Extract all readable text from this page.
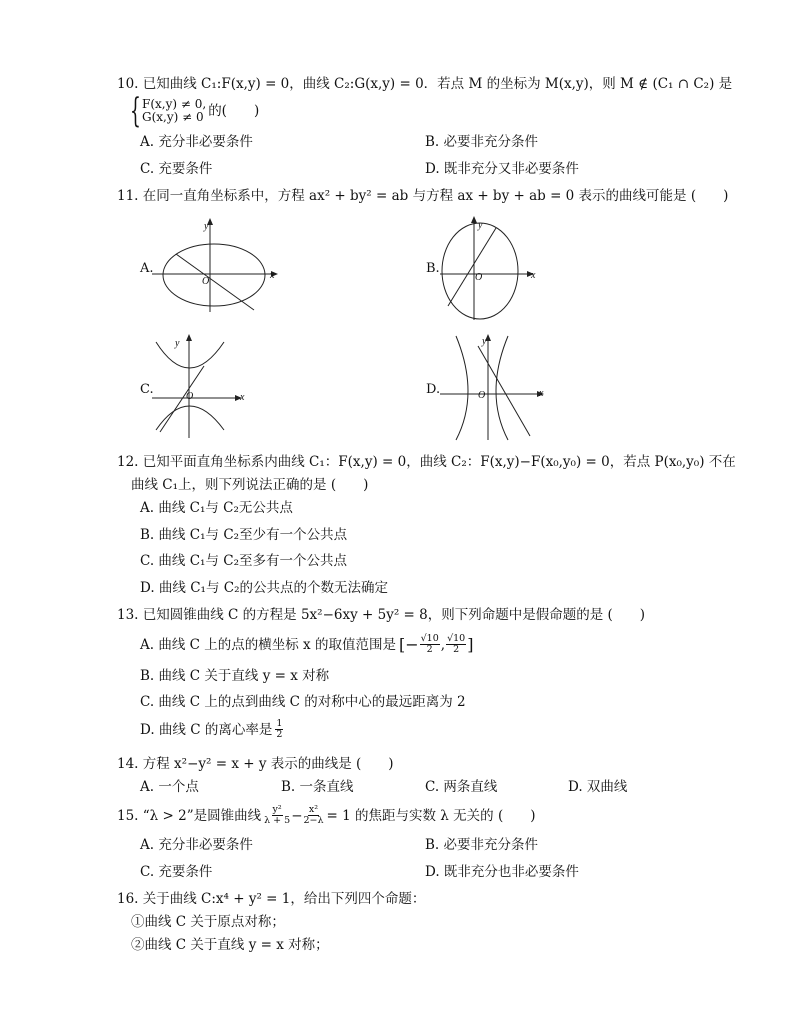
10. 已知曲线 C₁:F(x,y) = 0，曲线 C₂:G(x,y) = 0．若点 M 的坐标为 M(x,y)，则 M ∉ (C₁ ∩ C₂) 是
{ F(x,y) ≠ 0,
G(x,y) ≠ 0 的(　　)
A. 充分非必要条件	B. 必要非充分条件
C. 充要条件	D. 既非充分又非必要条件
11. 在同一直角坐标系中，方程 ax² + by² = ab 与方程 ax + by + ab = 0 表示的曲线可能是 (　　)
A.
y
x
O
B.
y
x
O
C.
y
x
O	D.
y
x
O
12. 已知平面直角坐标系内曲线 C₁：F(x,y) = 0，曲线 C₂：F(x,y)−F(x₀,y₀) = 0，若点 P(x₀,y₀) 不在
曲线 C₁上，则下列说法正确的是 (　　)
A. 曲线 C₁与 C₂无公共点
B. 曲线 C₁与 C₂至少有一个公共点
C. 曲线 C₁与 C₂至多有一个公共点
D. 曲线 C₁与 C₂的公共点的个数无法确定
13. 已知圆锥曲线 C 的方程是 5x²−6xy + 5y² = 8，则下列命题中是假命题的是 (　　)
A. 曲线 C 上的点的横坐标 x 的取值范围是 [− $\frac{√10}{2}$ , $\frac{√10}{2}$ ]
B. 曲线 C 关于直线 y = x 对称
C. 曲线 C 上的点到曲线 C 的对称中心的最远距离为 2
D. 曲线 C 的离心率是 $\frac{1}{2}$
14. 方程 x²−y² = x + y 表示的曲线是 (　　)
A. 一个点	B. 一条直线	C. 两条直线	D. 双曲线
15. “λ > 2”是圆锥曲线 $\frac{\text{y²}}{\lambda + 5} - \frac{\text{x²}}{2-\lambda} = 1$ 的焦距与实数 λ 无关的 (　　)
A. 充分非必要条件	B. 必要非充分条件
C. 充要条件	D. 既非充分也非必要条件
16. 关于曲线 C:x⁴ + y² = 1，给出下列四个命题：
①曲线 C 关于原点对称；
②曲线 C 关于直线 y = x 对称；
